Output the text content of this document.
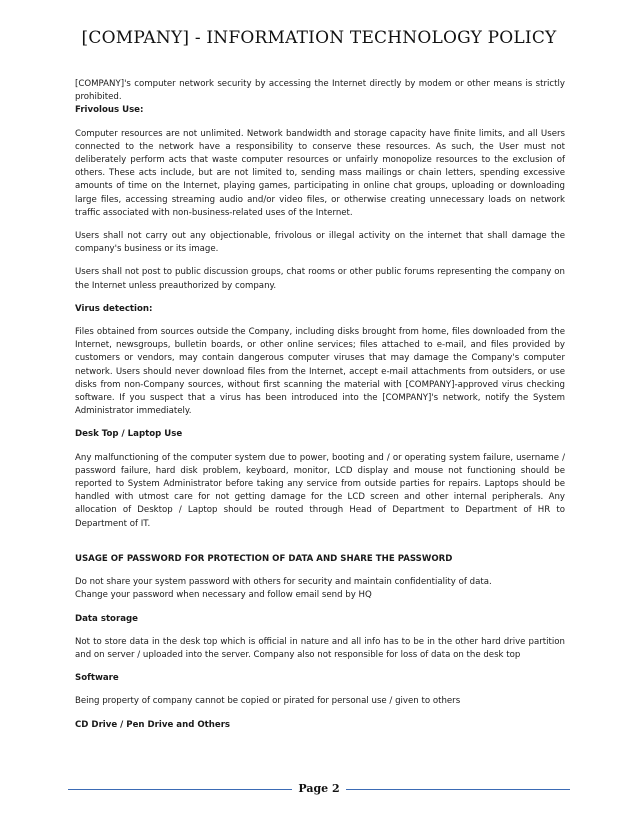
[COMPANY] - INFORMATION TECHNOLOGY POLICY

[COMPANY]'s computer network security by accessing the Internet directly by modem or other means is strictly prohibited.

Frivolous Use:

Computer resources are not unlimited. Network bandwidth and storage capacity have finite limits, and all Users connected to the network have a responsibility to conserve these resources. As such, the User must not deliberately perform acts that waste computer resources or unfairly monopolize resources to the exclusion of others. These acts include, but are not limited to, sending mass mailings or chain letters, spending excessive amounts of time on the Internet, playing games, participating in online chat groups, uploading or downloading large files, accessing streaming audio and/or video files, or otherwise creating unnecessary loads on network traffic associated with non-business-related uses of the Internet.

Users shall not carry out any objectionable, frivolous or illegal activity on the internet that shall damage the company's business or its image.

Users shall not post to public discussion groups, chat rooms or other public forums representing the company on the Internet unless preauthorized by company.

Virus detection:

Files obtained from sources outside the Company, including disks brought from home, files downloaded from the Internet, newsgroups, bulletin boards, or other online services; files attached to e-mail, and files provided by customers or vendors, may contain dangerous computer viruses that may damage the Company's computer network. Users should never download files from the Internet, accept e-mail attachments from outsiders, or use disks from non-Company sources, without first scanning the material with [COMPANY]-approved virus checking software. If you suspect that a virus has been introduced into the [COMPANY]'s network, notify the System Administrator immediately.

Desk Top / Laptop Use

Any malfunctioning of the computer system due to power, booting and / or operating system failure, username / password failure, hard disk problem, keyboard, monitor, LCD display and mouse not functioning should be reported to System Administrator before taking any service from outside parties for repairs. Laptops should be handled with utmost care for not getting damage for the LCD screen and other internal peripherals. Any allocation of Desktop / Laptop should be routed through Head of Department to Department of HR to Department of IT.

USAGE OF PASSWORD FOR PROTECTION OF DATA AND SHARE THE PASSWORD

Do not share your system password with others for security and maintain confidentiality of data.
Change your password when necessary and follow email send by HQ

Data storage

Not to store data in the desk top which is official in nature and all info has to be in the other hard drive partition and on server / uploaded into the server. Company also not responsible for loss of data on the desk top

Software

Being property of company cannot be copied or pirated for personal use / given to others

CD Drive / Pen Drive and Others
Page 2
